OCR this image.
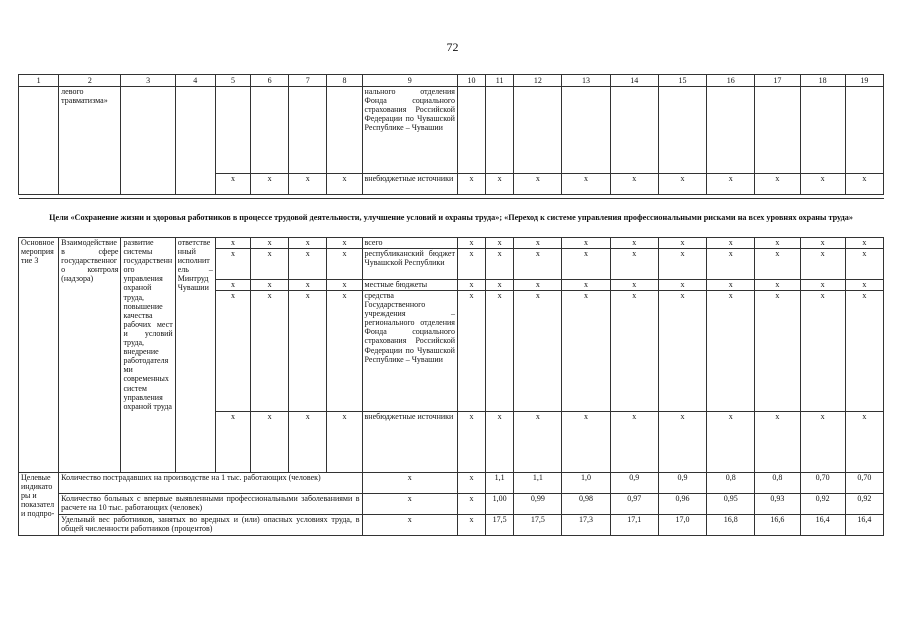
72
1	2	3	4	5	6	7	8	9	10	11	12	13	14	15	16	17	18	19
	левого травматизма»							нального отделения Фонда социального страхования Российской Федерации по Чувашской Республике – Чувашии										
				x	x	x	x	внебюджетные источники	x	x	x	x	x	x	x	x	x	x

Цели «Сохранение жизни и здоровья работников в процессе трудовой деятельности, улучшение условий и охраны труда»; «Переход к системе управления профессиональными рисками на всех уровнях охраны труда»																		
Основное мероприятие 3	Взаимодействие в сфере государственного контроля (надзора)	развитие системы государственного управления охраной труда, повышение качества рабочих мест и условий труда, внедрение работодателями современных систем управления охраной труда	ответственный исполнитель – Минтруд Чувашии	x	x	x	x	всего	x	x	x	x	x	x	x	x	x	x
				x	x	x	x	республиканский бюджет Чувашской Республики	x	x	x	x	x	x	x	x	x	x
				x	x	x	x	местные бюджеты	x	x	x	x	x	x	x	x	x	x
				x	x	x	x	средства Государственного учреждения – регионального отделения Фонда социального страхования Российской Федерации по Чувашской Республике – Чувашии	x	x	x	x	x	x	x	x	x	x
				x	x	x	x	внебюджетные источники	x	x	x	x	x	x	x	x	x	x
Целевые индикаторы и показатели подпро-	Количество пострадавших на производстве на 1 тыс. работающих (человек)							x	x	1,1	1,1	1,0	0,9	0,9	0,8	0,8	0,70	0,70
	Количество больных с впервые выявленными профессиональными заболеваниями в расчете на 10 тыс. работающих (человек)							x	x	1,00	0,99	0,98	0,97	0,96	0,95	0,93	0,92	0,92
	Удельный вес работников, занятых во вредных и (или) опасных условиях труда, в общей численности работников (процентов)							x	x	17,5	17,5	17,3	17,1	17,0	16,8	16,6	16,4	16,4
